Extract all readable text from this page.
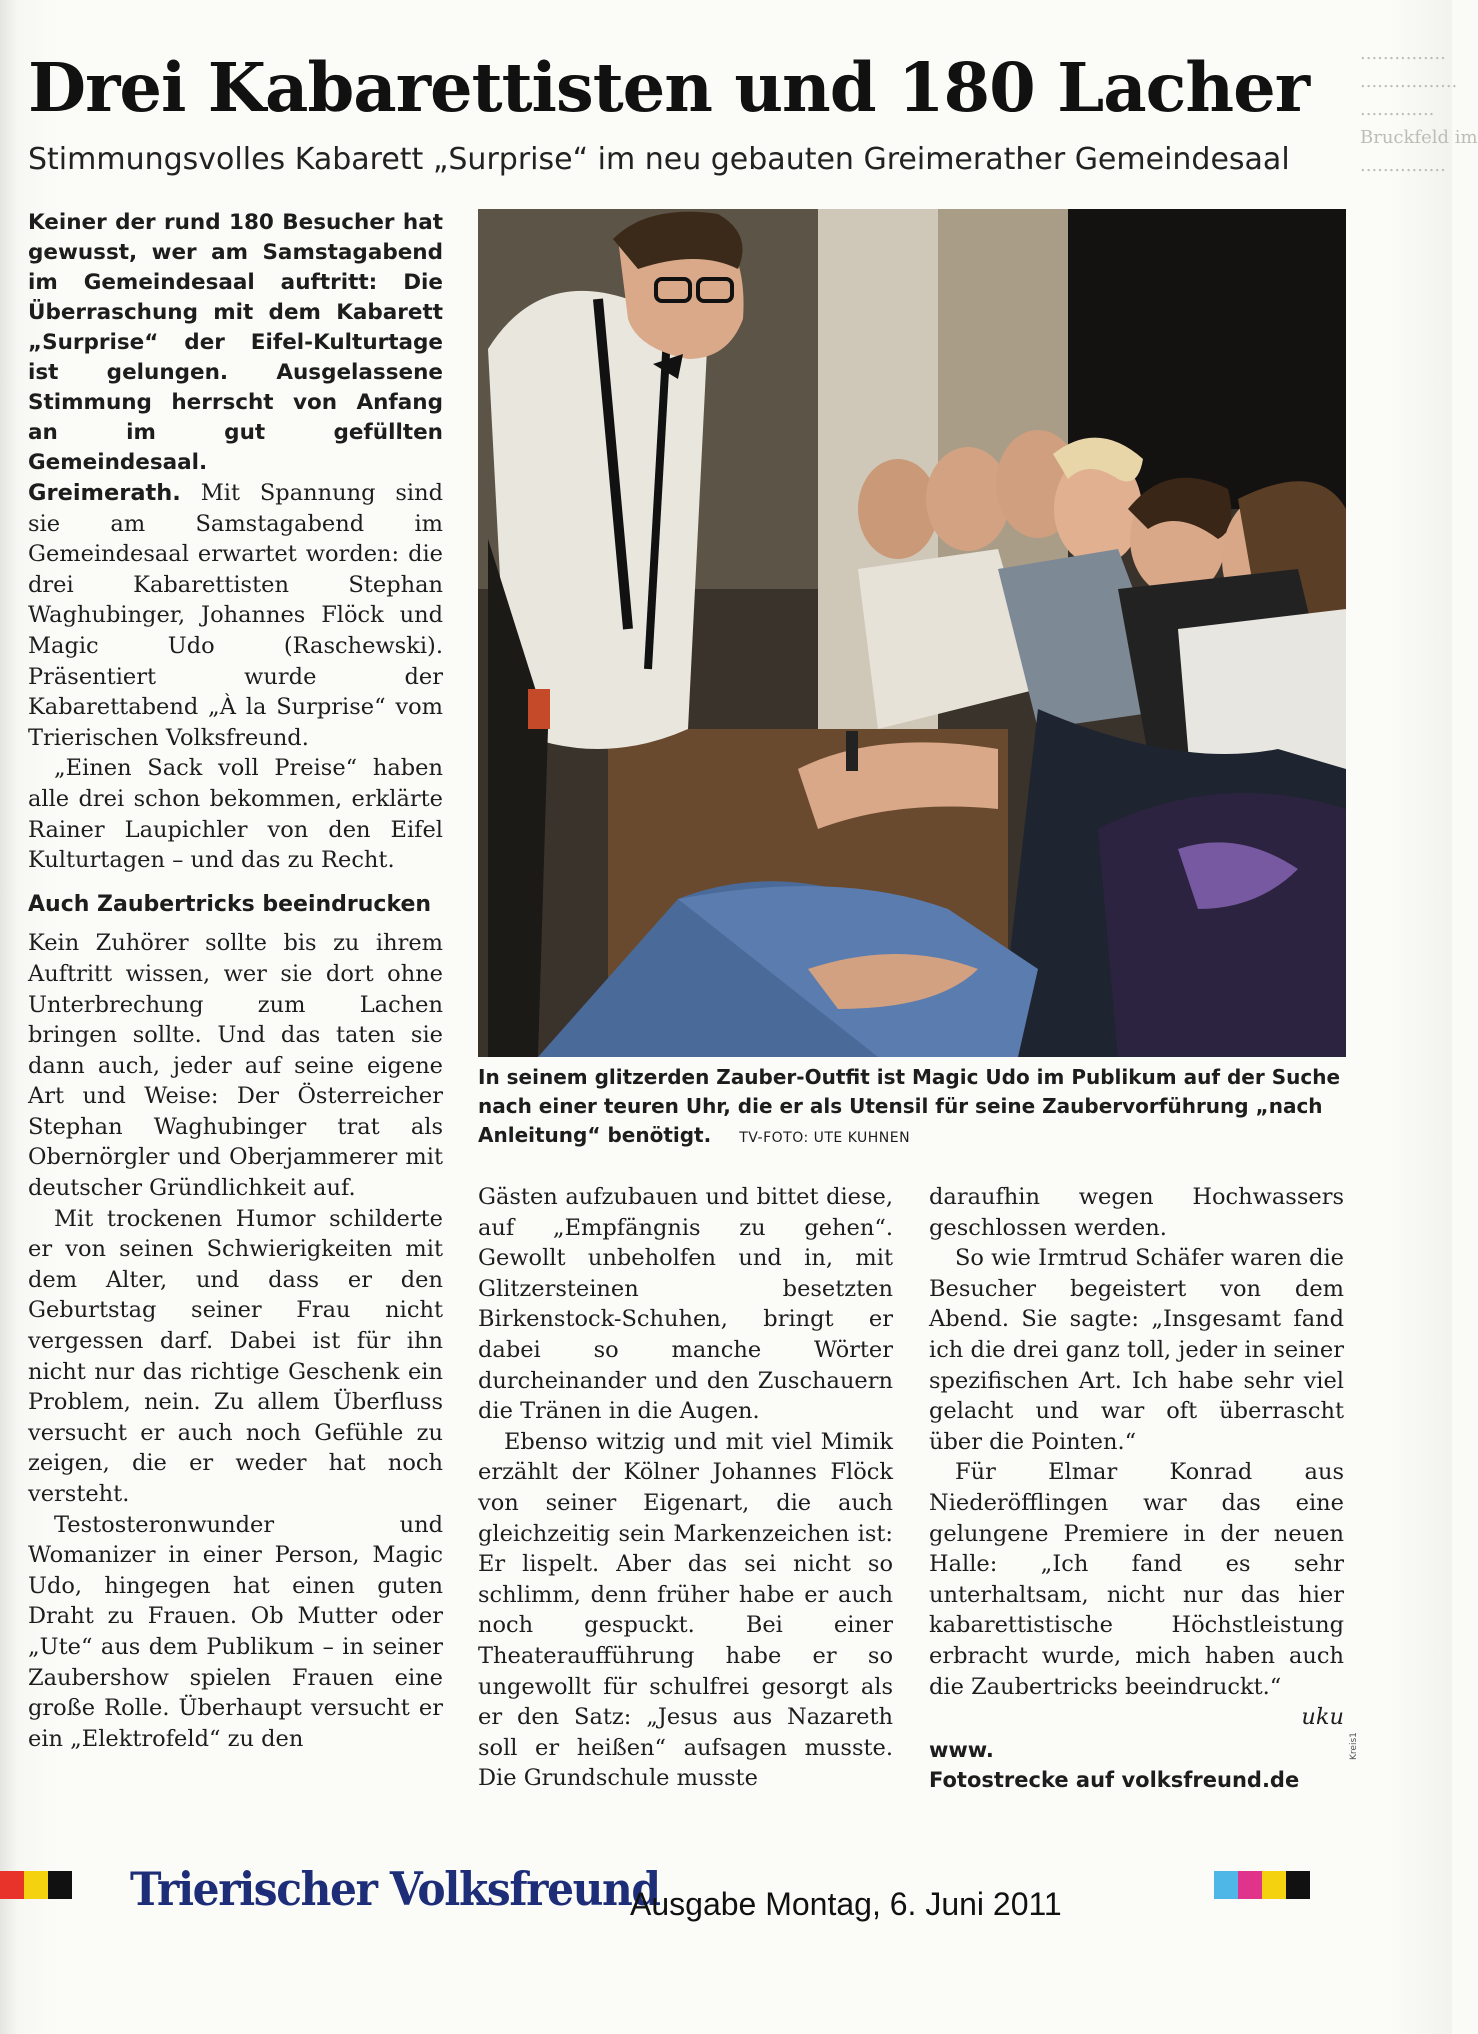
...............
.................
.............
Bruckfeld im
...............
Drei Kabarettisten und 180 Lacher
Stimmungsvolles Kabarett „Surprise“ im neu gebauten Greimerather Gemeindesaal
Keiner der rund 180 Besucher hat gewusst, wer am Samstagabend im Gemeindesaal auftritt: Die Überraschung mit dem Kabarett „Surprise“ der Eifel-Kulturtage ist gelungen. Ausgelassene Stimmung herrscht von Anfang an im gut gefüllten Gemeindesaal.

Greimerath. Mit Spannung sind sie am Samstagabend im Gemeindesaal erwartet worden: die drei Kabarettisten Stephan Waghubinger, Johannes Flöck und Magic Udo (Raschewski). Präsentiert wurde der Kabarettabend „À la Surprise“ vom Trierischen Volksfreund.

„Einen Sack voll Preise“ haben alle drei schon bekommen, erklärte Rainer Laupichler von den Eifel Kulturtagen – und das zu Recht.

Auch Zaubertricks beeindrucken

Kein Zuhörer sollte bis zu ihrem Auftritt wissen, wer sie dort ohne Unterbrechung zum Lachen bringen sollte. Und das taten sie dann auch, jeder auf seine eigene Art und Weise: Der Österreicher Stephan Waghubinger trat als Obernörgler und Oberjammerer mit deutscher Gründlichkeit auf.

Mit trockenen Humor schilderte er von seinen Schwierigkeiten mit dem Alter, und dass er den Geburtstag seiner Frau nicht vergessen darf. Dabei ist für ihn nicht nur das richtige Geschenk ein Problem, nein. Zu allem Überfluss versucht er auch noch Gefühle zu zeigen, die er weder hat noch versteht.

Testosteronwunder und Womanizer in einer Person, Magic Udo, hingegen hat einen guten Draht zu Frauen. Ob Mutter oder „Ute“ aus dem Publikum – in seiner Zaubershow spielen Frauen eine große Rolle. Überhaupt versucht er ein „Elektrofeld“ zu den

In seinem glitzerden Zauber-Outfit ist Magic Udo im Publikum auf der Suche nach einer teuren Uhr, die er als Utensil für seine Zaubervorführung „nach Anleitung“ benötigt. TV-FOTO: UTE KUHNEN

Gästen aufzubauen und bittet diese, auf „Empfängnis zu gehen“. Gewollt unbeholfen und in, mit Glitzersteinen besetzten Birkenstock-Schuhen, bringt er dabei so manche Wörter durcheinander und den Zuschauern die Tränen in die Augen.

Ebenso witzig und mit viel Mimik erzählt der Kölner Johannes Flöck von seiner Eigenart, die auch gleichzeitig sein Markenzeichen ist: Er lispelt. Aber das sei nicht so schlimm, denn früher habe er auch noch gespuckt. Bei einer Theateraufführung habe er so ungewollt für schulfrei gesorgt als er den Satz: „Jesus aus Nazareth soll er heißen“ aufsagen musste. Die Grundschule musste

daraufhin wegen Hochwassers geschlossen werden.

So wie Irmtrud Schäfer waren die Besucher begeistert von dem Abend. Sie sagte: „Insgesamt fand ich die drei ganz toll, jeder in seiner spezifischen Art. Ich habe sehr viel gelacht und war oft überrascht über die Pointen.“

Für Elmar Konrad aus Niederöfflingen war das eine gelungene Premiere in der neuen Halle: „Ich fand es sehr unterhaltsam, nicht nur das hier kabarettistische Höchstleistung erbracht wurde, mich haben auch die Zaubertricks beeindruckt.“
uku

www.
Fotostrecke auf volksfreund.de
Kreis1
Trierischer Volksfreund
Ausgabe Montag, 6. Juni 2011
